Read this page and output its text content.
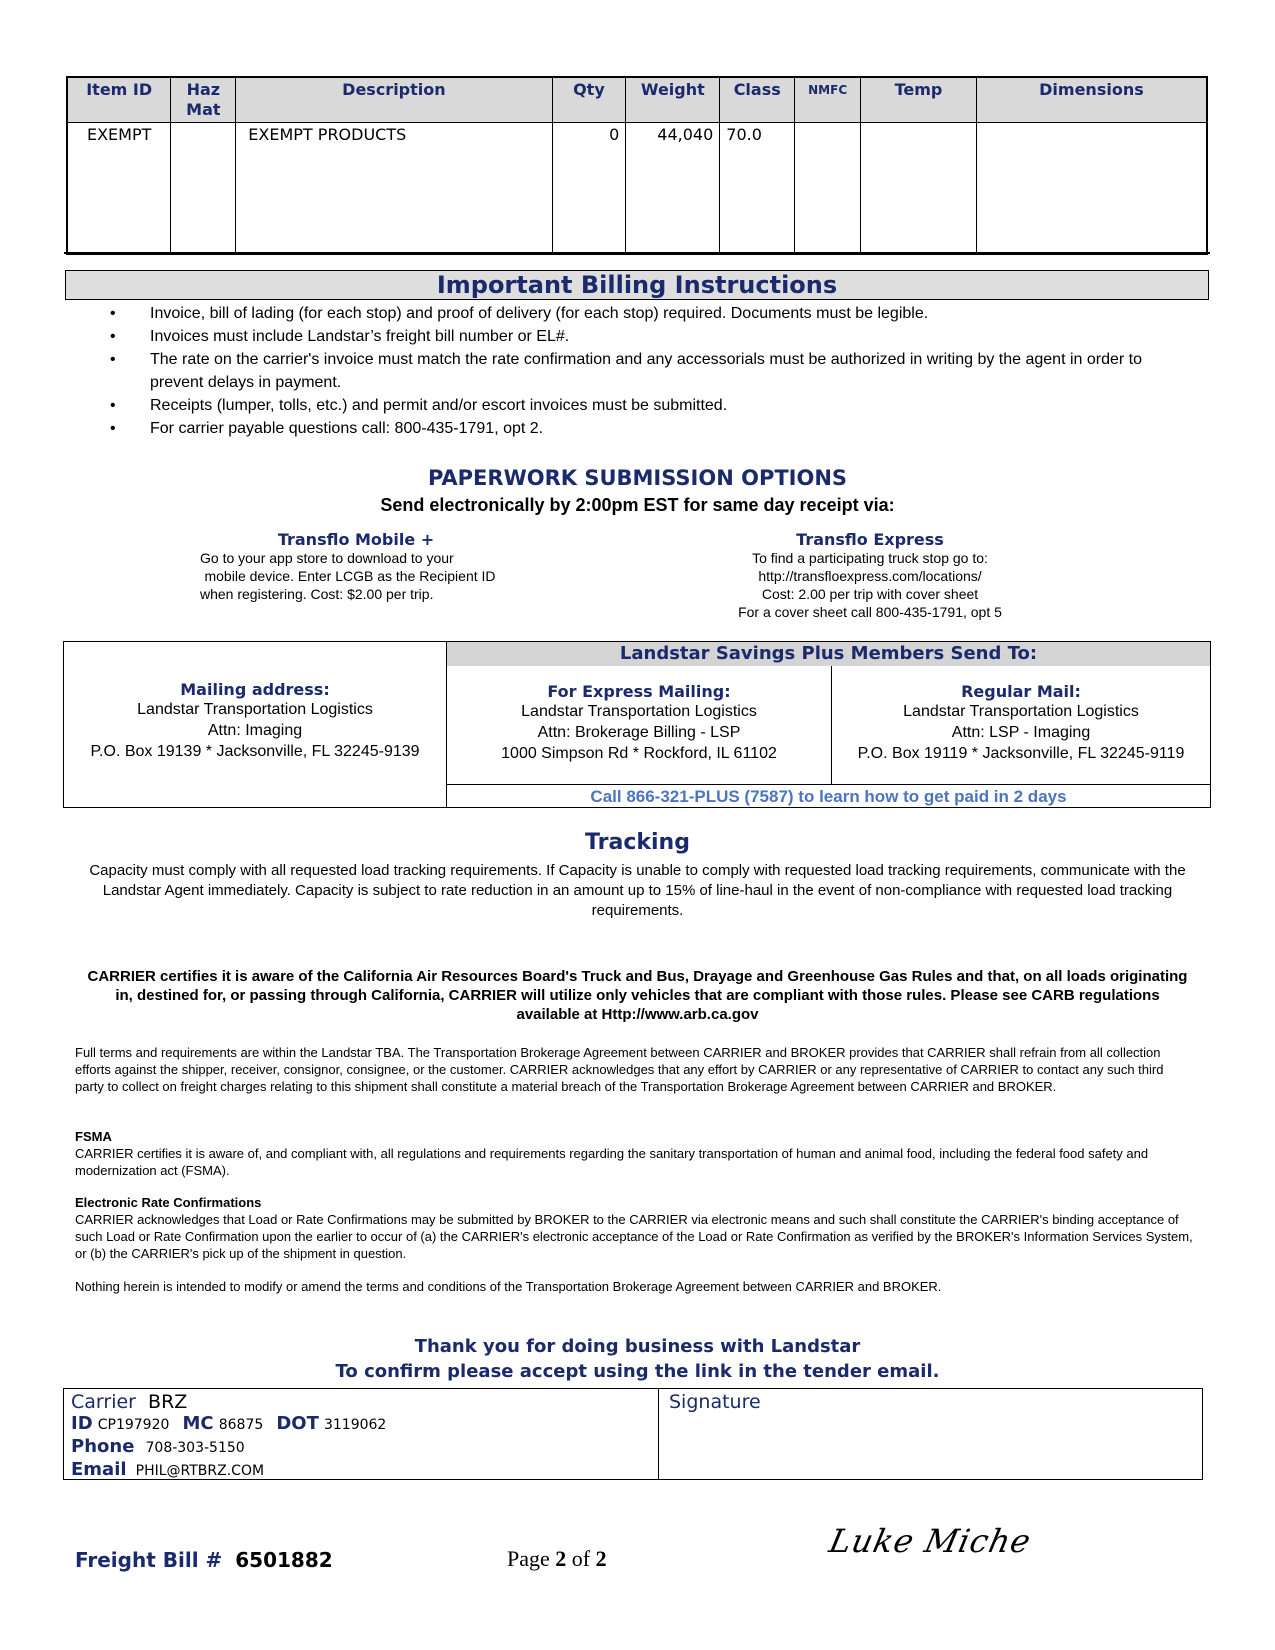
Item ID	Haz Mat	Description	Qty	Weight	Class	NMFC	Temp	Dimensions
EXEMPT		EXEMPT PRODUCTS	0	44,040	70.0			
Important Billing Instructions
• Invoice, bill of lading (for each stop) and proof of delivery (for each stop) required. Documents must be legible.
• Invoices must include Landstar’s freight bill number or EL#.
• The rate on the carrier's invoice must match the rate confirmation and any accessorials must be authorized in writing by the agent in order to prevent delays in payment.
• Receipts (lumper, tolls, etc.) and permit and/or escort invoices must be submitted.
• For carrier payable questions call: 800-435-1791, opt 2.
PAPERWORK SUBMISSION OPTIONS
Send electronically by 2:00pm EST for same day receipt via:
Transflo Mobile +
Go to your app store to download to your
mobile device. Enter LCGB as the Recipient ID
when registering. Cost: $2.00 per trip.
Transflo Express
To find a participating truck stop go to:
http://transfloexpress.com/locations/
Cost: 2.00 per trip with cover sheet
For a cover sheet call 800-435-1791, opt 5
Mailing address:
Landstar Transportation Logistics
Attn: Imaging
P.O. Box 19139 * Jacksonville, FL 32245-9139
Landstar Savings Plus Members Send To:
For Express Mailing:
Landstar Transportation Logistics
Attn: Brokerage Billing - LSP
1000 Simpson Rd * Rockford, IL 61102
Regular Mail:
Landstar Transportation Logistics
Attn: LSP - Imaging
P.O. Box 19119 * Jacksonville, FL 32245-9119
Call 866-321-PLUS (7587) to learn how to get paid in 2 days
Tracking
Capacity must comply with all requested load tracking requirements. If Capacity is unable to comply with requested load tracking requirements, communicate with the Landstar Agent immediately. Capacity is subject to rate reduction in an amount up to 15% of line-haul in the event of non-compliance with requested load tracking requirements.
CARRIER certifies it is aware of the California Air Resources Board's Truck and Bus, Drayage and Greenhouse Gas Rules and that, on all loads originating in, destined for, or passing through California, CARRIER will utilize only vehicles that are compliant with those rules. Please see CARB regulations available at Http://www.arb.ca.gov
Full terms and requirements are within the Landstar TBA. The Transportation Brokerage Agreement between CARRIER and BROKER provides that CARRIER shall refrain from all collection efforts against the shipper, receiver, consignor, consignee, or the customer. CARRIER acknowledges that any effort by CARRIER or any representative of CARRIER to contact any such third party to collect on freight charges relating to this shipment shall constitute a material breach of the Transportation Brokerage Agreement between CARRIER and BROKER.
FSMA
CARRIER certifies it is aware of, and compliant with, all regulations and requirements regarding the sanitary transportation of human and animal food, including the federal food safety and modernization act (FSMA).
Electronic Rate Confirmations
CARRIER acknowledges that Load or Rate Confirmations may be submitted by BROKER to the CARRIER via electronic means and such shall constitute the CARRIER's binding acceptance of such Load or Rate Confirmation upon the earlier to occur of (a) the CARRIER's electronic acceptance of the Load or Rate Confirmation as verified by the BROKER's Information Services System, or (b) the CARRIER's pick up of the shipment in question.
Nothing herein is intended to modify or amend the terms and conditions of the Transportation Brokerage Agreement between CARRIER and BROKER.
Thank you for doing business with Landstar
To confirm please accept using the link in the tender email.
Carrier BRZ
ID CP197920 MC 86875 DOT 3119062
Phone 708-303-5150
Email PHIL@RTBRZ.COM
Signature
Freight Bill # 6501882	Page 2 of 2	Luke Miche
